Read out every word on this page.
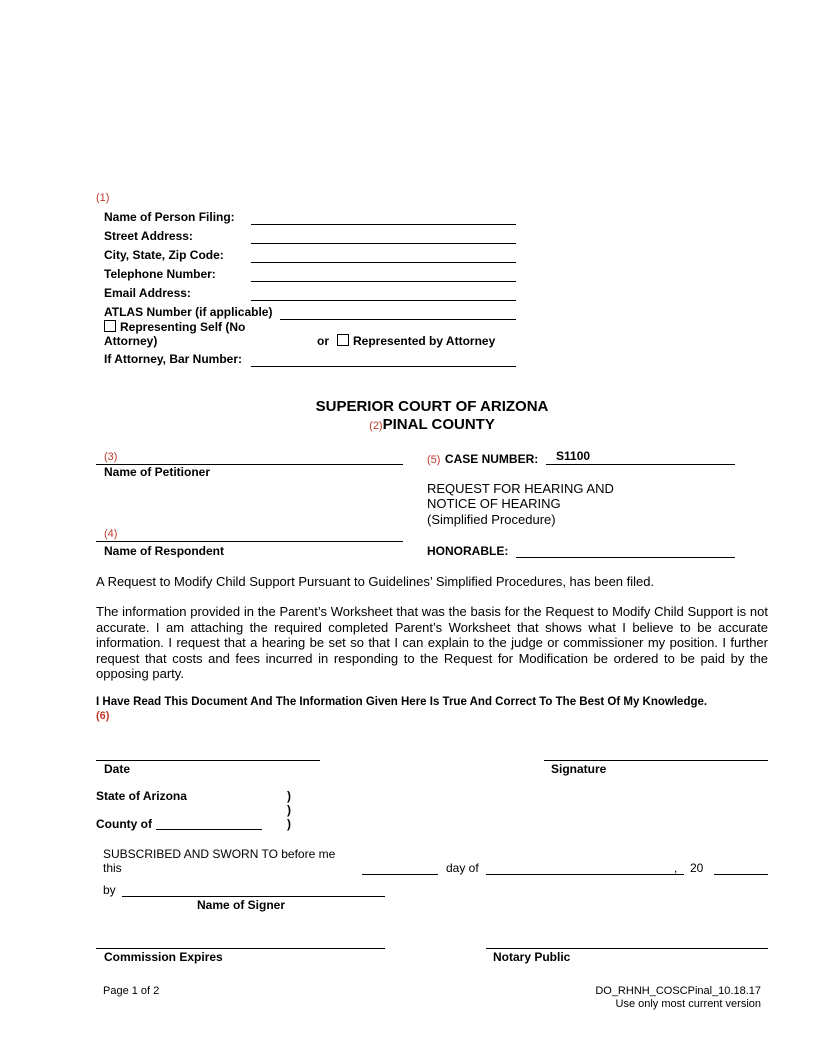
(1)
Name of Person Filing:
Street Address:
City, State, Zip Code:
Telephone Number:
Email Address:
ATLAS Number (if applicable)
Representing Self (No
Attorney)	or	Represented by Attorney
If Attorney, Bar Number:
SUPERIOR COURT OF ARIZONA
(2)PINAL COUNTY
(3)
Name of Petitioner
(4)
Name of Respondent
(5) CASE NUMBER: S1100
REQUEST FOR HEARING AND
NOTICE OF HEARING
(Simplified Procedure)
HONORABLE:
A Request to Modify Child Support Pursuant to Guidelines’ Simplified Procedures, has been filed.
The information provided in the Parent’s Worksheet that was the basis for the Request to Modify Child Support is not accurate. I am attaching the required completed Parent’s Worksheet that shows what I believe to be accurate information. I request that a hearing be set so that I can explain to the judge or commissioner my position. I further request that costs and fees incurred in responding to the Request for Modification be ordered to be paid by the opposing party.
I Have Read This Document And The Information Given Here Is True And Correct To The Best Of My Knowledge.
(6)
Date	Signature
State of Arizona	)
)
County of	)
SUBSCRIBED AND SWORN TO before me
this	day of	, 20
by
Name of Signer
Commission Expires	Notary Public
Page 1 of 2	DO_RHNH_COSCPinal_10.18.17
Use only most current version
